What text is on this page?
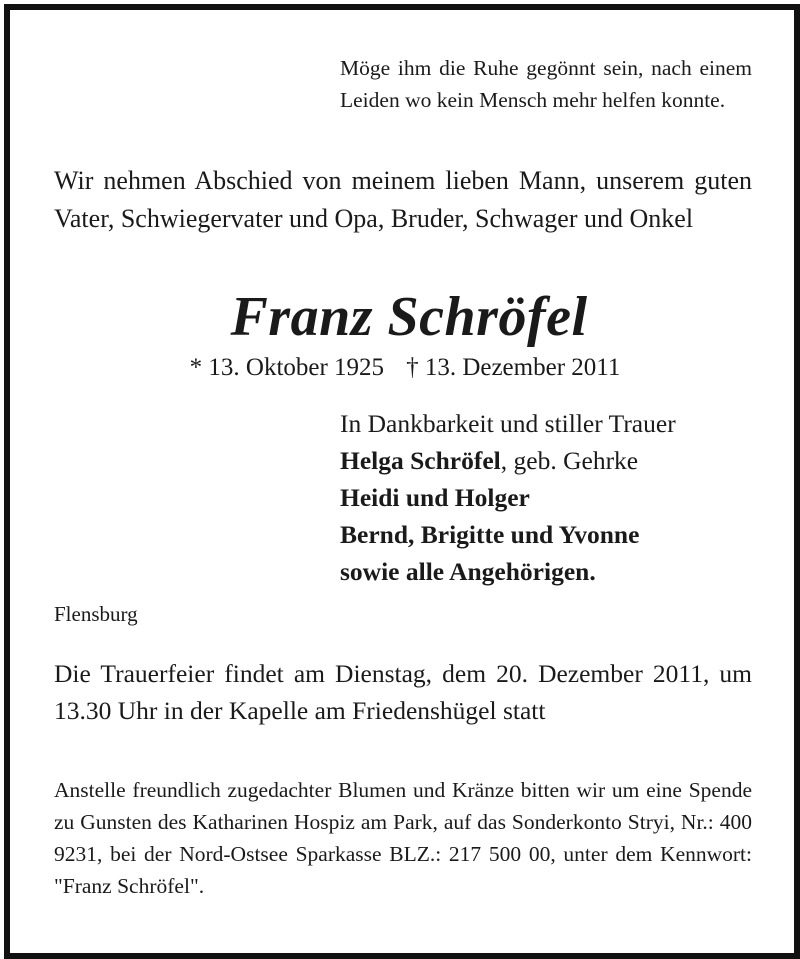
Möge ihm die Ruhe gegönnt sein, nach einem Leiden wo kein Mensch mehr helfen konnte.
Wir nehmen Abschied von meinem lieben Mann, unserem guten Vater, Schwiegervater und Opa, Bruder, Schwager und Onkel
Franz Schröfel
* 13. Oktober 1925 † 13. Dezember 2011
In Dankbarkeit und stiller Trauer
Helga Schröfel, geb. Gehrke
Heidi und Holger
Bernd, Brigitte und Yvonne
sowie alle Angehörigen.
Flensburg
Die Trauerfeier findet am Dienstag, dem 20. Dezember 2011, um 13.30 Uhr in der Kapelle am Friedenshügel statt
Anstelle freundlich zugedachter Blumen und Kränze bitten wir um eine Spende zu Gunsten des Katharinen Hospiz am Park, auf das Sonderkonto Stryi, Nr.: 400 9231, bei der Nord-Ostsee Sparkasse BLZ.: 217 500 00, unter dem Kennwort: "Franz Schröfel".
